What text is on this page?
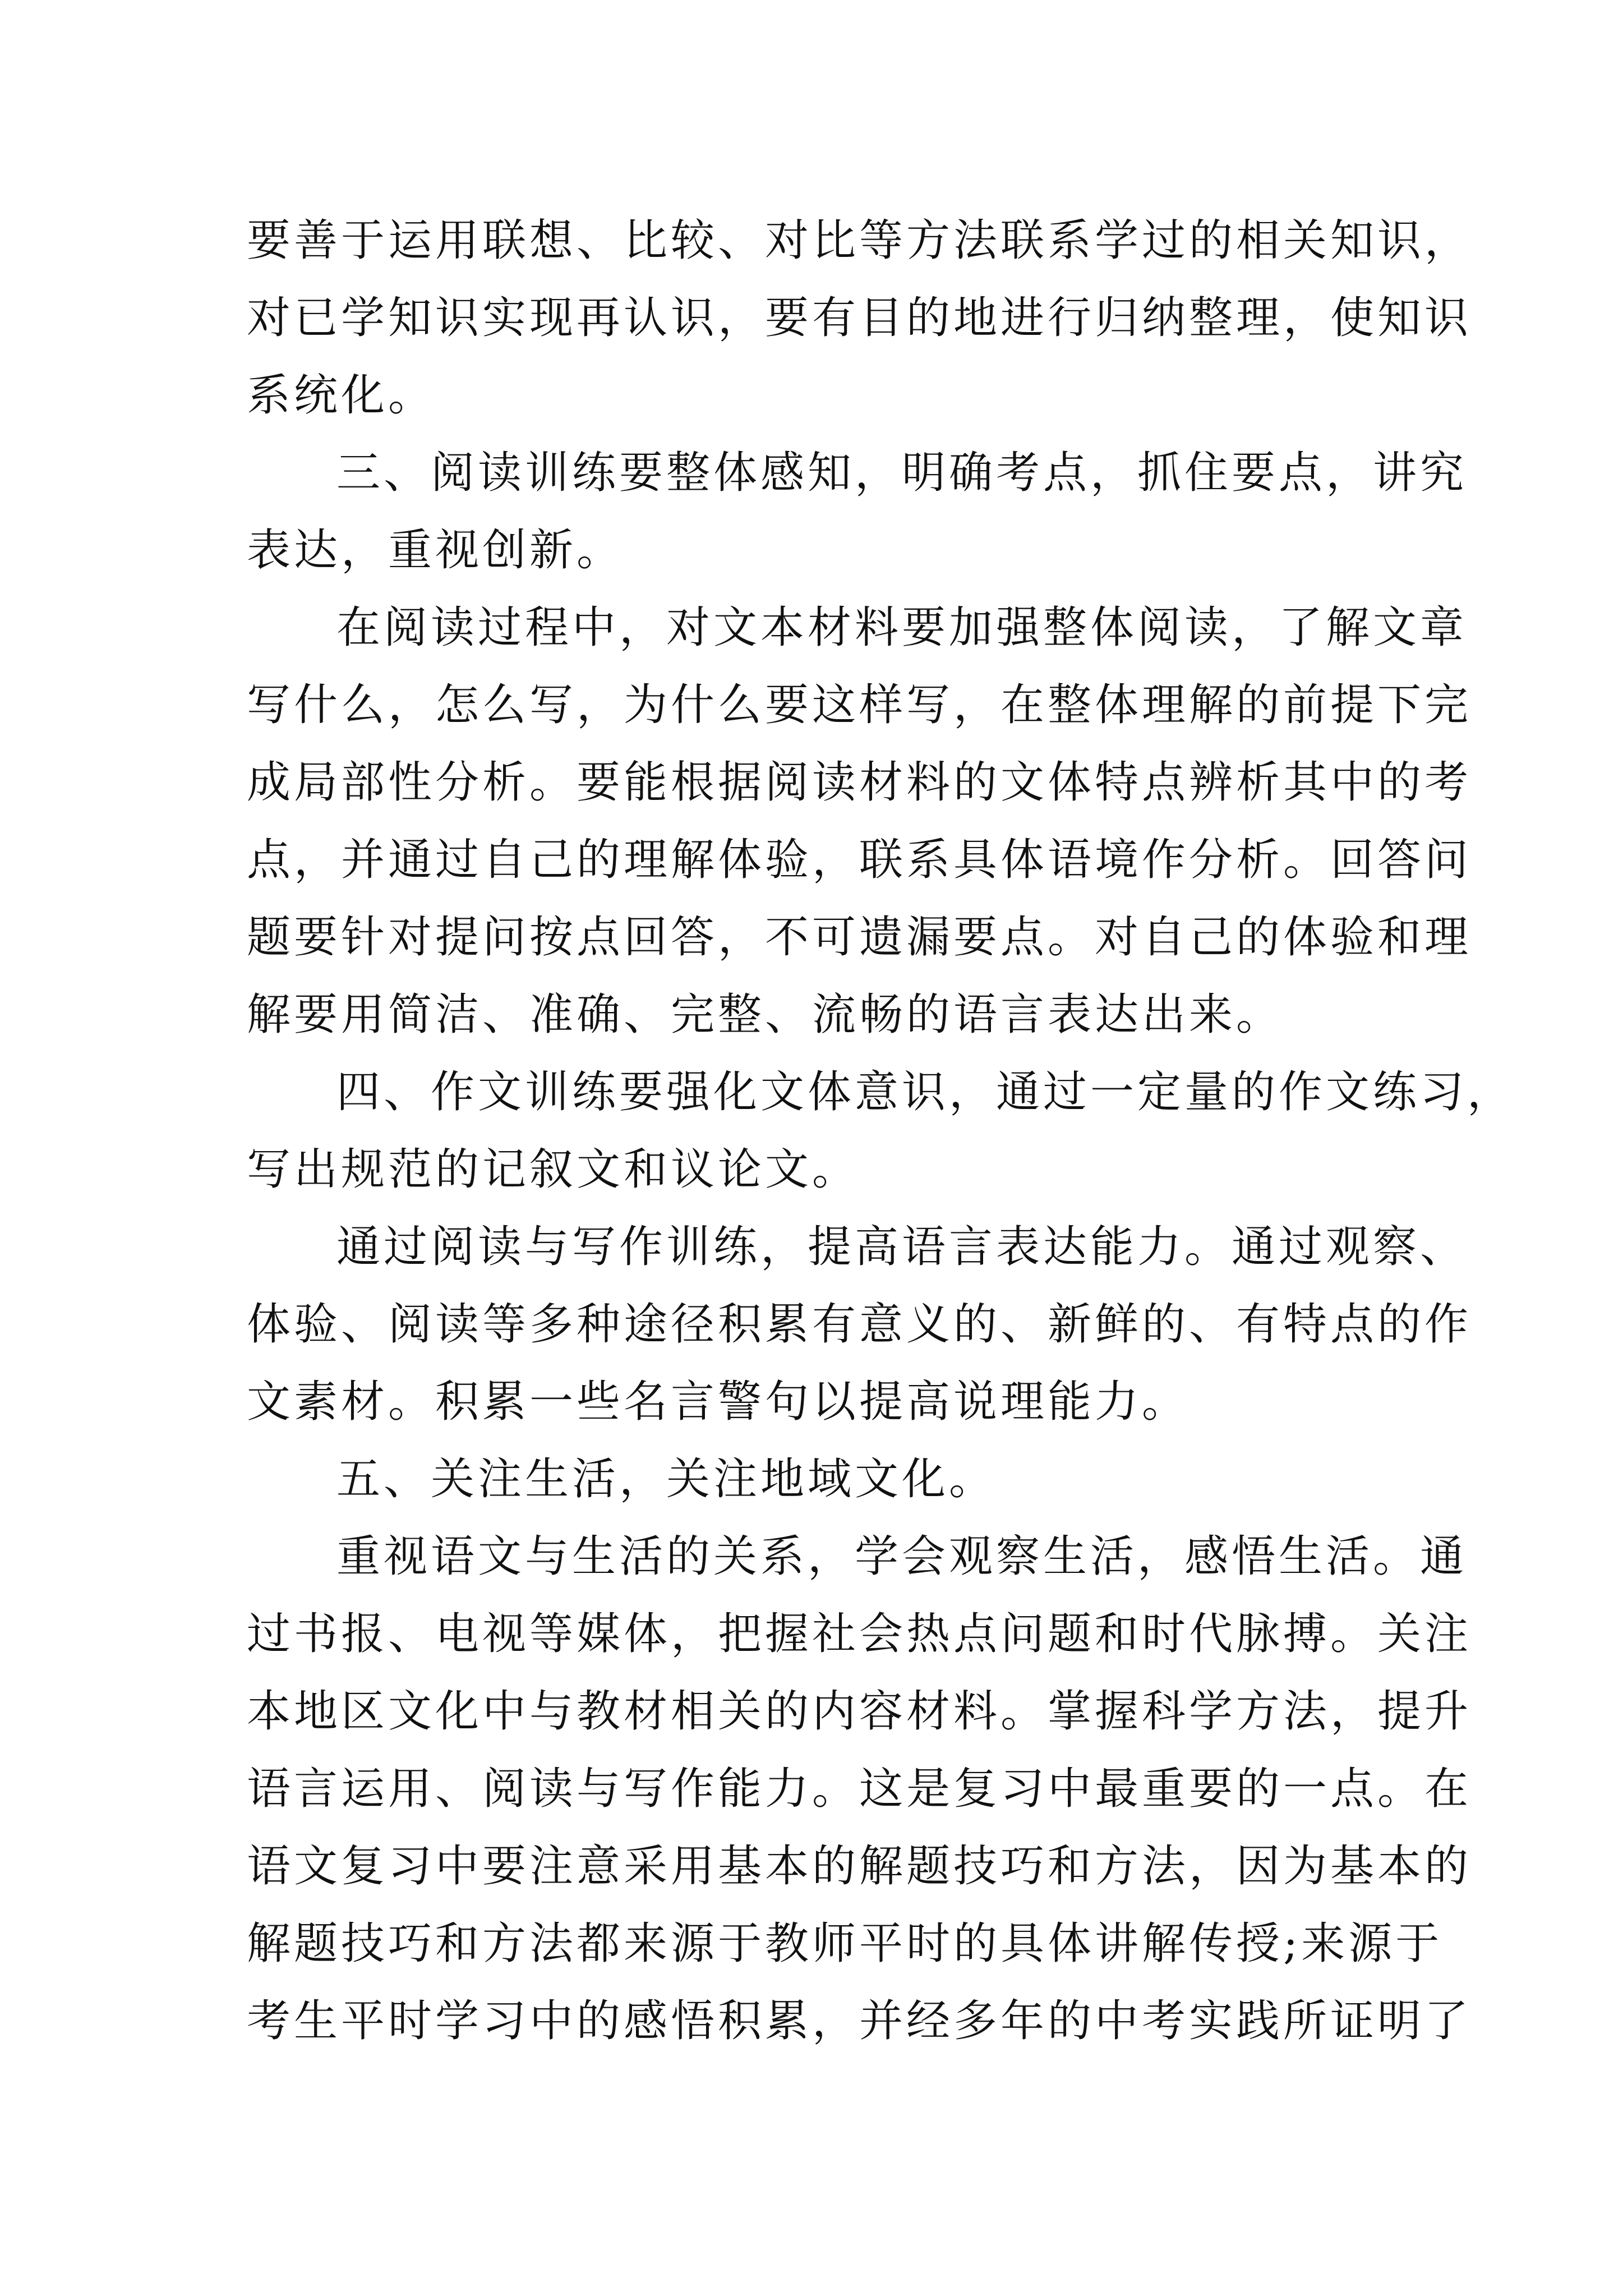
要善于运用联想、比较、对比等方法联系学过的相关知识，
对已学知识实现再认识，要有目的地进行归纳整理，使知识
系统化。
三、阅读训练要整体感知，明确考点，抓住要点，讲究
表达，重视创新。
在阅读过程中，对文本材料要加强整体阅读，了解文章
写什么，怎么写，为什么要这样写，在整体理解的前提下完
成局部性分析。要能根据阅读材料的文体特点辨析其中的考
点，并通过自己的理解体验，联系具体语境作分析。回答问
题要针对提问按点回答，不可遗漏要点。对自己的体验和理
解要用简洁、准确、完整、流畅的语言表达出来。
四、作文训练要强化文体意识，通过一定量的作文练习，
写出规范的记叙文和议论文。
通过阅读与写作训练，提高语言表达能力。通过观察、
体验、阅读等多种途径积累有意义的、新鲜的、有特点的作
文素材。积累一些名言警句以提高说理能力。
五、关注生活，关注地域文化。
重视语文与生活的关系，学会观察生活，感悟生活。通
过书报、电视等媒体，把握社会热点问题和时代脉搏。关注
本地区文化中与教材相关的内容材料。掌握科学方法，提升
语言运用、阅读与写作能力。这是复习中最重要的一点。在
语文复习中要注意采用基本的解题技巧和方法，因为基本的
解题技巧和方法都来源于教师平时的具体讲解传授;来源于
考生平时学习中的感悟积累，并经多年的中考实践所证明了
